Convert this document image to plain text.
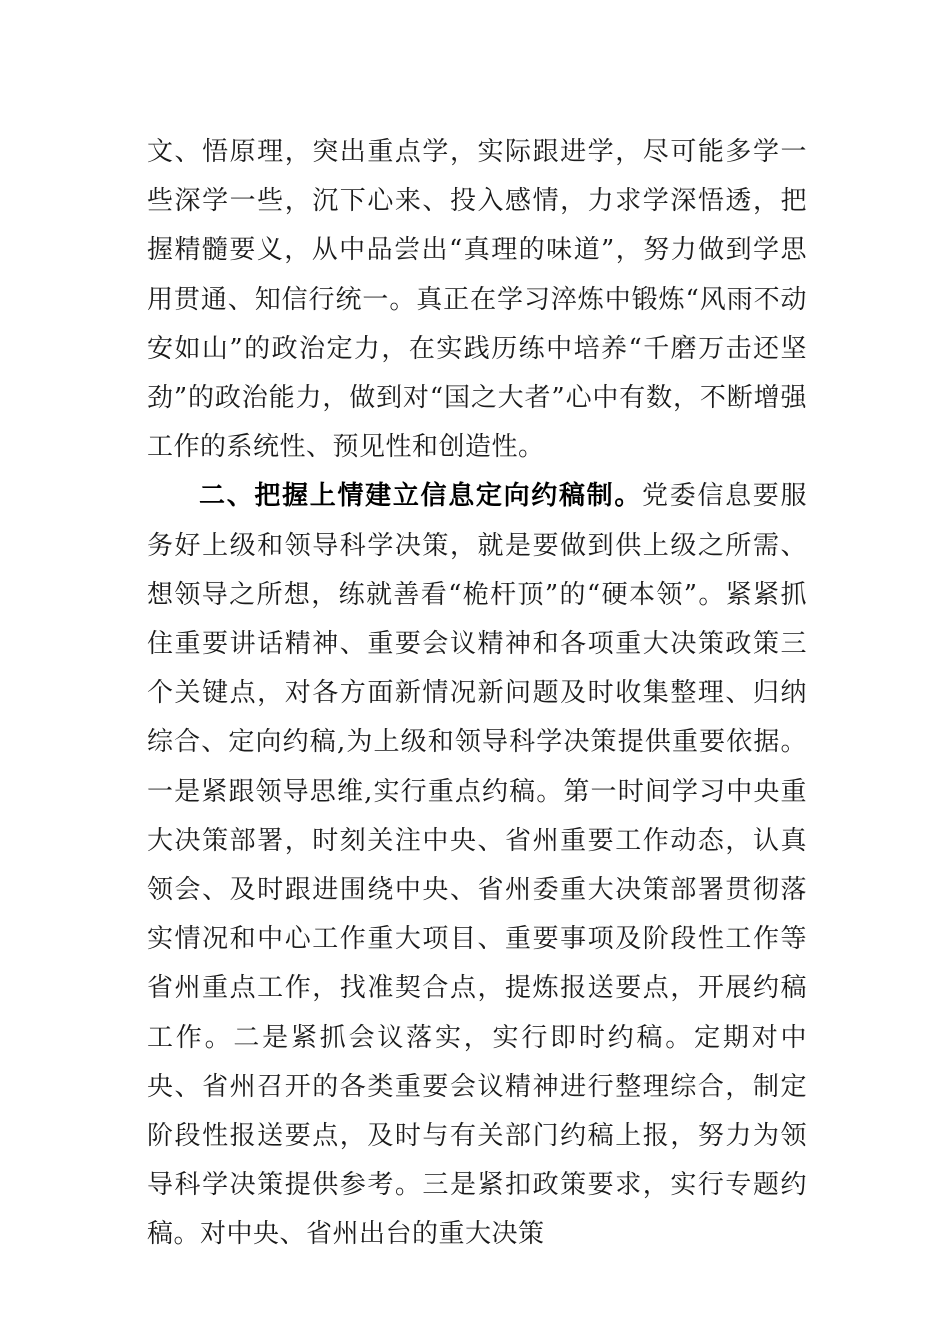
文、悟原理，突出重点学，实际跟进学，尽可能多学一些深学一些，沉下心来、投入感情，力求学深悟透，把握精髓要义，从中品尝出“真理的味道”，努力做到学思用贯通、知信行统一。真正在学习淬炼中锻炼“风雨不动安如山”的政治定力，在实践历练中培养“千磨万击还坚劲”的政治能力，做到对“国之大者”心中有数，不断增强工作的系统性、预见性和创造性。

二、把握上情建立信息定向约稿制。党委信息要服务好上级和领导科学决策，就是要做到供上级之所需、想领导之所想，练就善看“桅杆顶”的“硬本领”。紧紧抓住重要讲话精神、重要会议精神和各项重大决策政策三个关键点，对各方面新情况新问题及时收集整理、归纳综合、定向约稿,为上级和领导科学决策提供重要依据。一是紧跟领导思维,实行重点约稿。第一时间学习中央重大决策部署，时刻关注中央、省州重要工作动态，认真领会、及时跟进围绕中央、省州委重大决策部署贯彻落实情况和中心工作重大项目、重要事项及阶段性工作等省州重点工作，找准契合点，提炼报送要点，开展约稿工作。二是紧抓会议落实，实行即时约稿。定期对中央、省州召开的各类重要会议精神进行整理综合，制定阶段性报送要点，及时与有关部门约稿上报，努力为领导科学决策提供参考。三是紧扣政策要求，实行专题约稿。对中央、省州出台的重大决策
